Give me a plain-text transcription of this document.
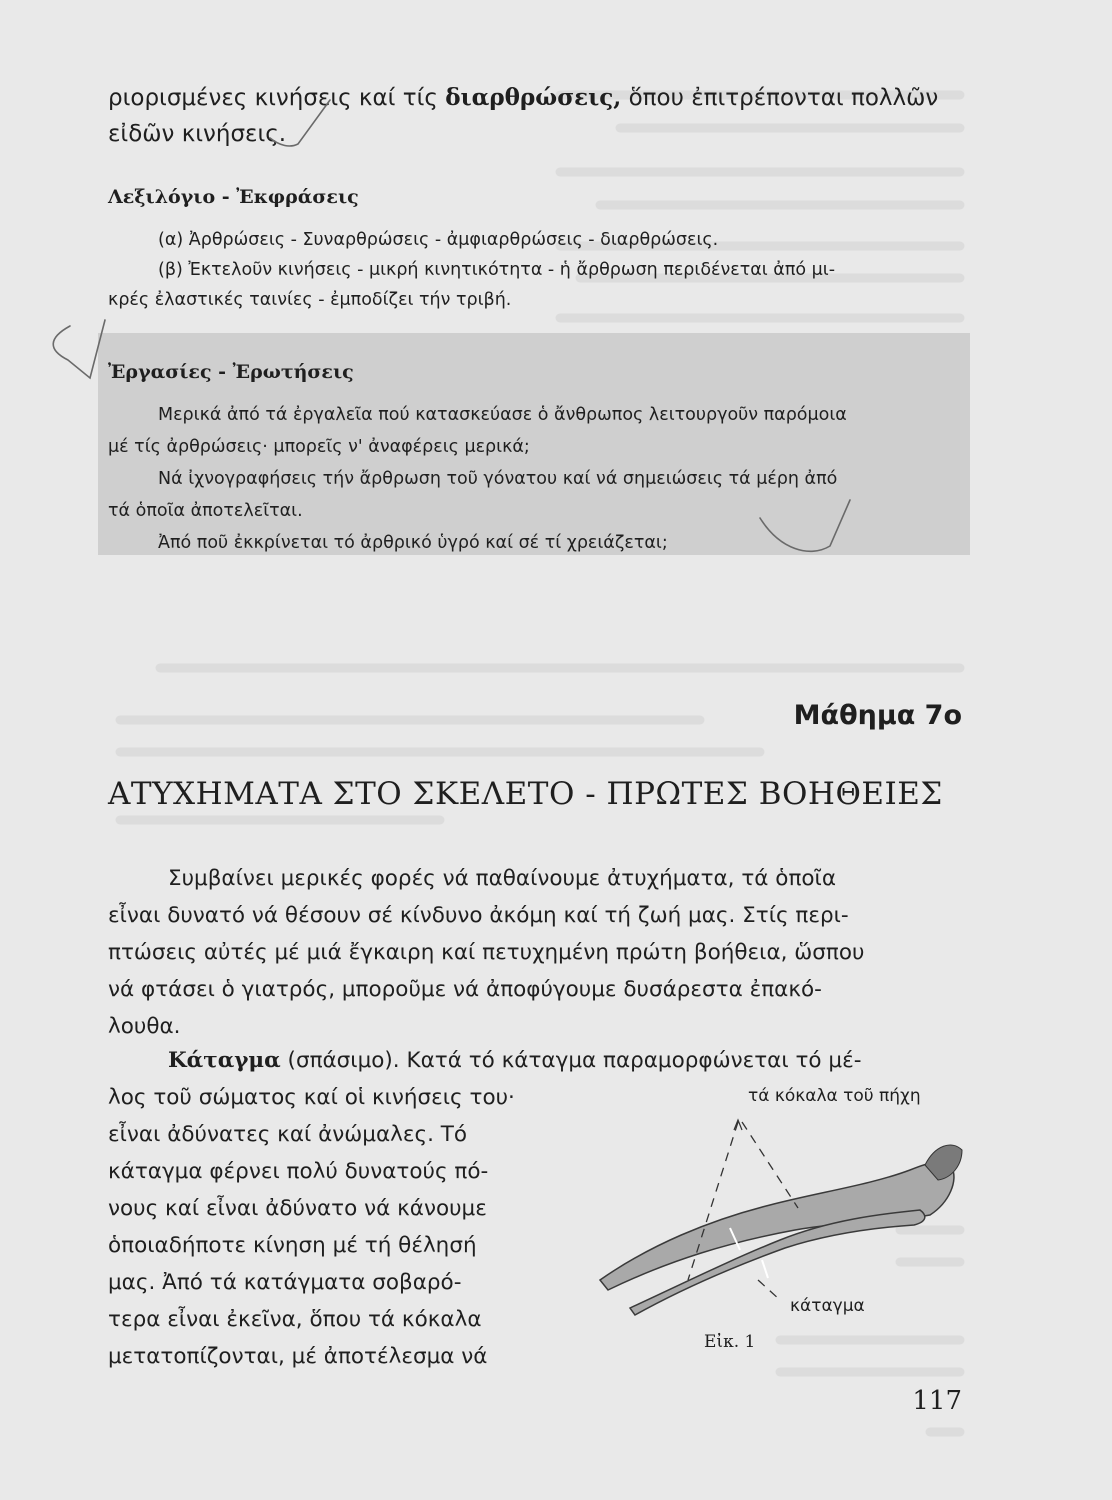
ριορισμένες κινήσεις καί τίς διαρθρώσεις, ὅπου ἐπιτρέπονται πολλῶν
εἰδῶν κινήσεις.
Λεξιλόγιο - Ἐκφράσεις
(α) Ἀρθρώσεις - Συναρθρώσεις - ἀμφιαρθρώσεις - διαρθρώσεις.
(β) Ἐκτελοῦν κινήσεις - μικρή κινητικότητα - ἡ ἄρθρωση περιδένεται ἀπό μι-
κρές ἐλαστικές ταινίες - ἐμποδίζει τήν τριβή.
Ἐργασίες - Ἐρωτήσεις
Μερικά ἀπό τά ἐργαλεῖα πού κατασκεύασε ὁ ἄνθρωπος λειτουργοῦν παρόμοια
μέ τίς ἀρθρώσεις· μπορεῖς ν' ἀναφέρεις μερικά;
Νά ἰχνογραφήσεις τήν ἄρθρωση τοῦ γόνατου καί νά σημειώσεις τά μέρη ἀπό
τά ὁποῖα ἀποτελεῖται.
Ἀπό ποῦ ἐκκρίνεται τό ἀρθρικό ὑγρό καί σέ τί χρειάζεται;
Μάθημα 7ο
ΑΤΥΧΗΜΑΤΑ ΣΤΟ ΣΚΕΛΕΤΟ - ΠΡΩΤΕΣ ΒΟΗΘΕΙΕΣ
Συμβαίνει μερικές φορές νά παθαίνουμε ἀτυχήματα, τά ὁποῖα
εἶναι δυνατό νά θέσουν σέ κίνδυνο ἀκόμη καί τή ζωή μας. Στίς περι-
πτώσεις αὐτές μέ μιά ἔγκαιρη καί πετυχημένη πρώτη βοήθεια, ὥσπου
νά φτάσει ὁ γιατρός, μπορoῦμε νά ἀποφύγουμε δυσάρεστα ἐπακό-
λουθα.
Κάταγμα (σπάσιμο). Κατά τό κάταγμα παραμορφώνεται τό μέ-
λος τοῦ σώματος καί οἱ κινήσεις του·
εἶναι ἀδύνατες καί ἀνώμαλες. Τό
κάταγμα φέρνει πολύ δυνατούς πό-
νους καί εἶναι ἀδύνατο νά κάνουμε
ὁποιαδήποτε κίνηση μέ τή θέλησή
μας. Ἀπό τά κατάγματα σοβαρό-
τερα εἶναι ἐκεῖνα, ὅπου τά κόκαλα
μετατοπίζονται, μέ ἀποτέλεσμα νά
τά κόκαλα τοῦ πήχη
κάταγμα
Εἰκ. 1
117
